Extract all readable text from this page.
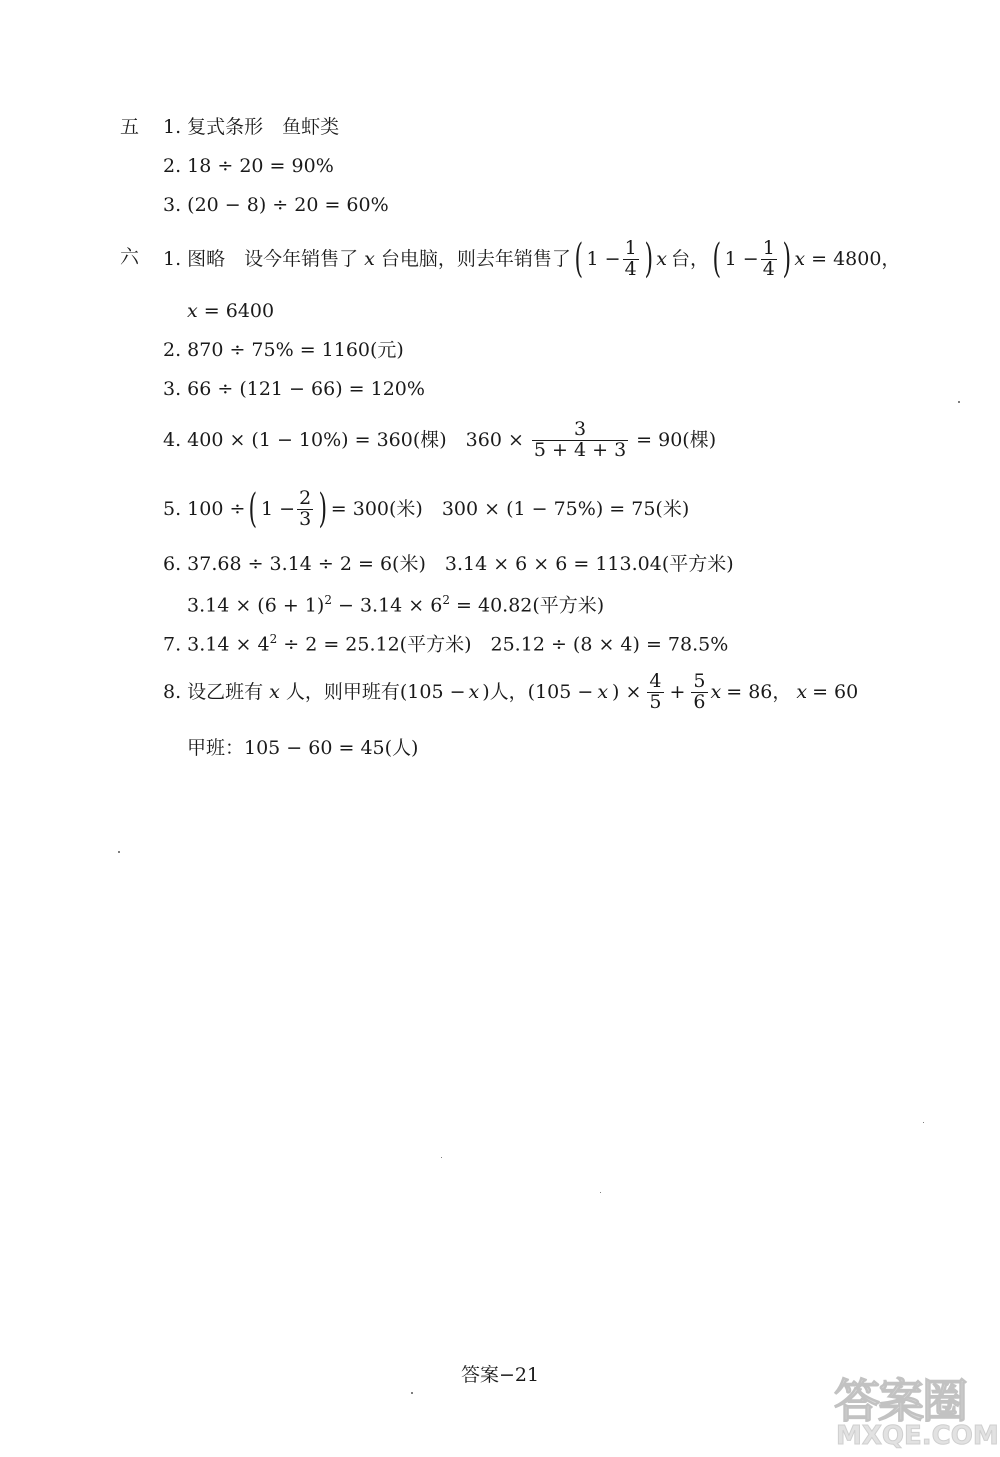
五 1. 复式条形　鱼虾类
2. 18 ÷ 20 = 90%
3. (20 − 8) ÷ 20 = 60%
六 1. 图略　设今年销售了 x 台电脑，则去年销售了 ( $1 - \frac{1}{4}$ ) x 台， ( $1 - \frac{1}{4}$ ) x = 4800，
x = 6400
2. 870 ÷ 75% = 1160(元)
3. 66 ÷ (121 − 66) = 120%
4. 400 × (1 − 10%) = 360(棵)　$360 \times \frac{3}{5 + 4 + 3} = 90$(棵)
5. 100 ÷ ( $1 - \frac{2}{3}$ ) = 300(米)　300 × (1 − 75%) = 75(米)
6. 37.68 ÷ 3.14 ÷ 2 = 6(米)　3.14 × 6 × 6 = 113.04(平方米)
$3.14 \times (6 + 1)^2 - 3.14 \times 6^2 = 40.82$(平方米)
7. $3.14 \times 4^2 \div 2 = 25.12$(平方米)　25.12 ÷ (8 × 4) = 78.5%
8. 设乙班有 x 人，则甲班有(105 − x )人，(105 − x ) × $\frac{4}{5} + \frac{5}{6}$ x = 86， x = 60
甲班：105 − 60 = 45(人)
答案−21	答案圈
MXQE.COM
